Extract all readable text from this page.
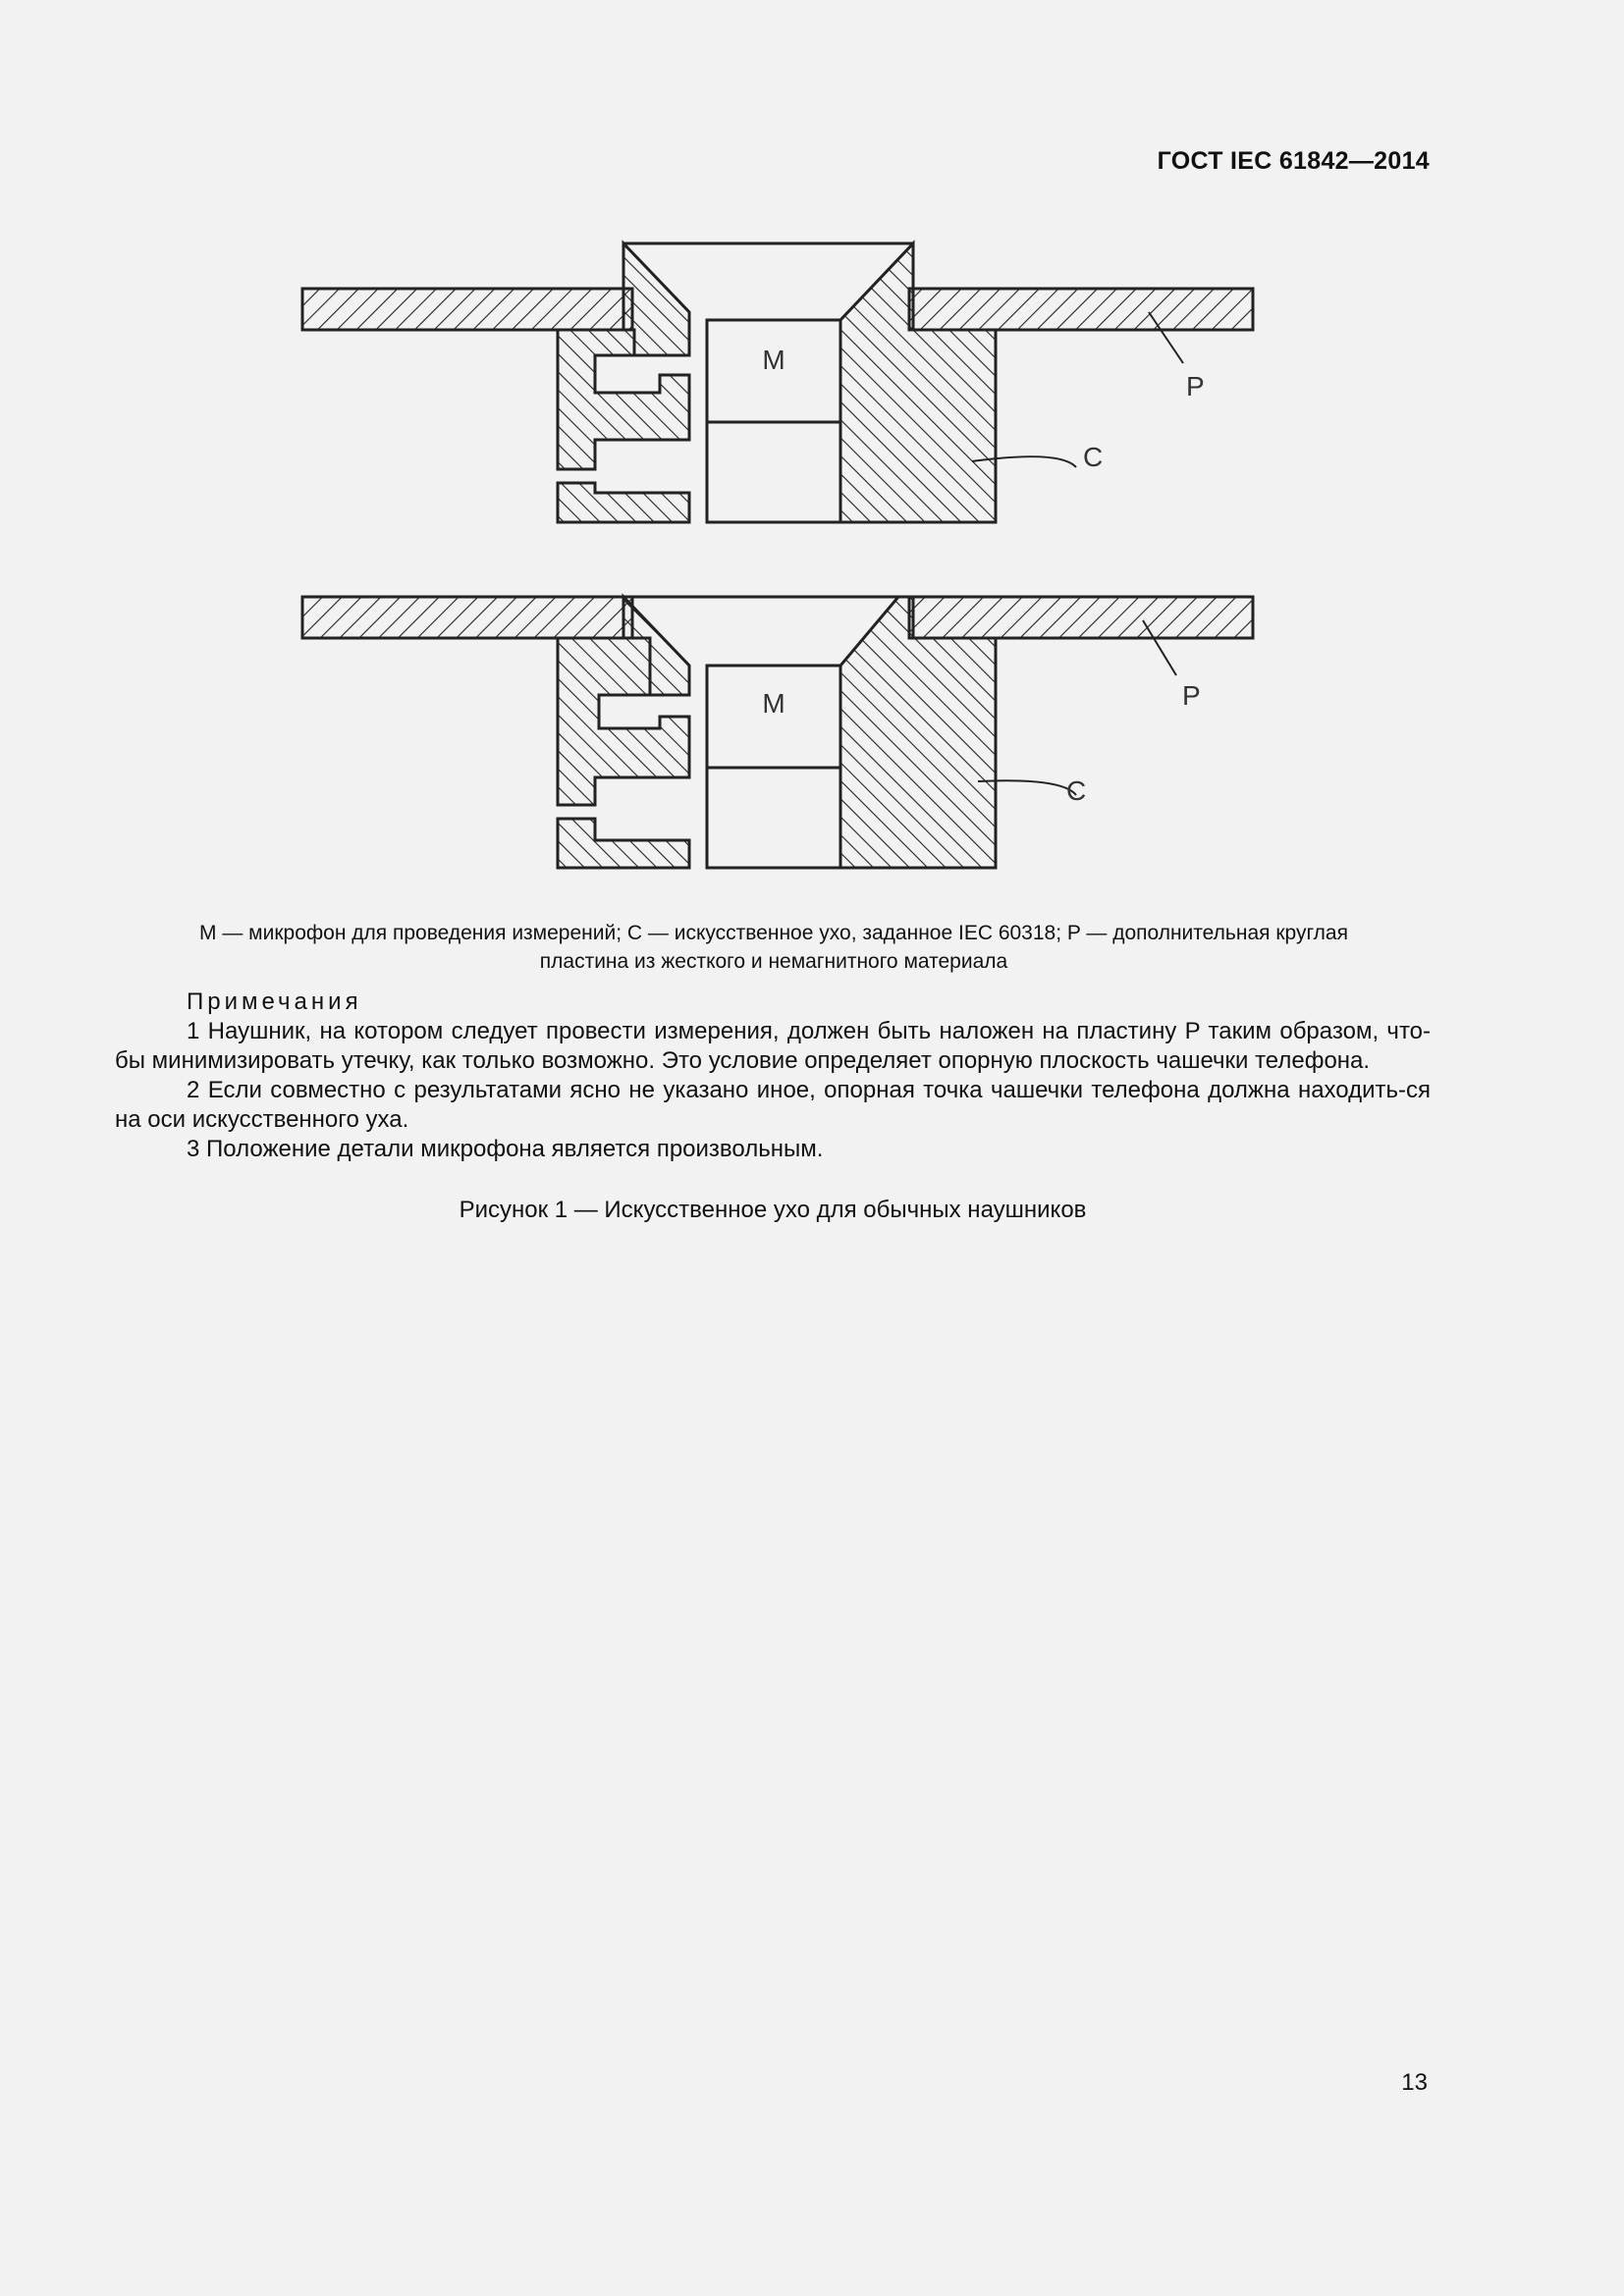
ГОСТ IEC 61842—2014
M
P
C
M	P
C
M — микрофон для проведения измерений; C — искусственное ухо, заданное IEC 60318; P — дополнительная круглая
пластина из жесткого и немагнитного материала

Примечания

1 Наушник, на котором следует провести измерения, должен быть наложен на пластину P таким образом, что-бы минимизировать утечку, как только возможно. Это условие определяет опорную плоскость чашечки телефона.

2 Если совместно с результатами ясно не указано иное, опорная точка чашечки телефона должна находить-ся на оси искусственного уха.

3 Положение детали микрофона является произвольным.

Рисунок 1 — Искусственное ухо для обычных наушников
13
